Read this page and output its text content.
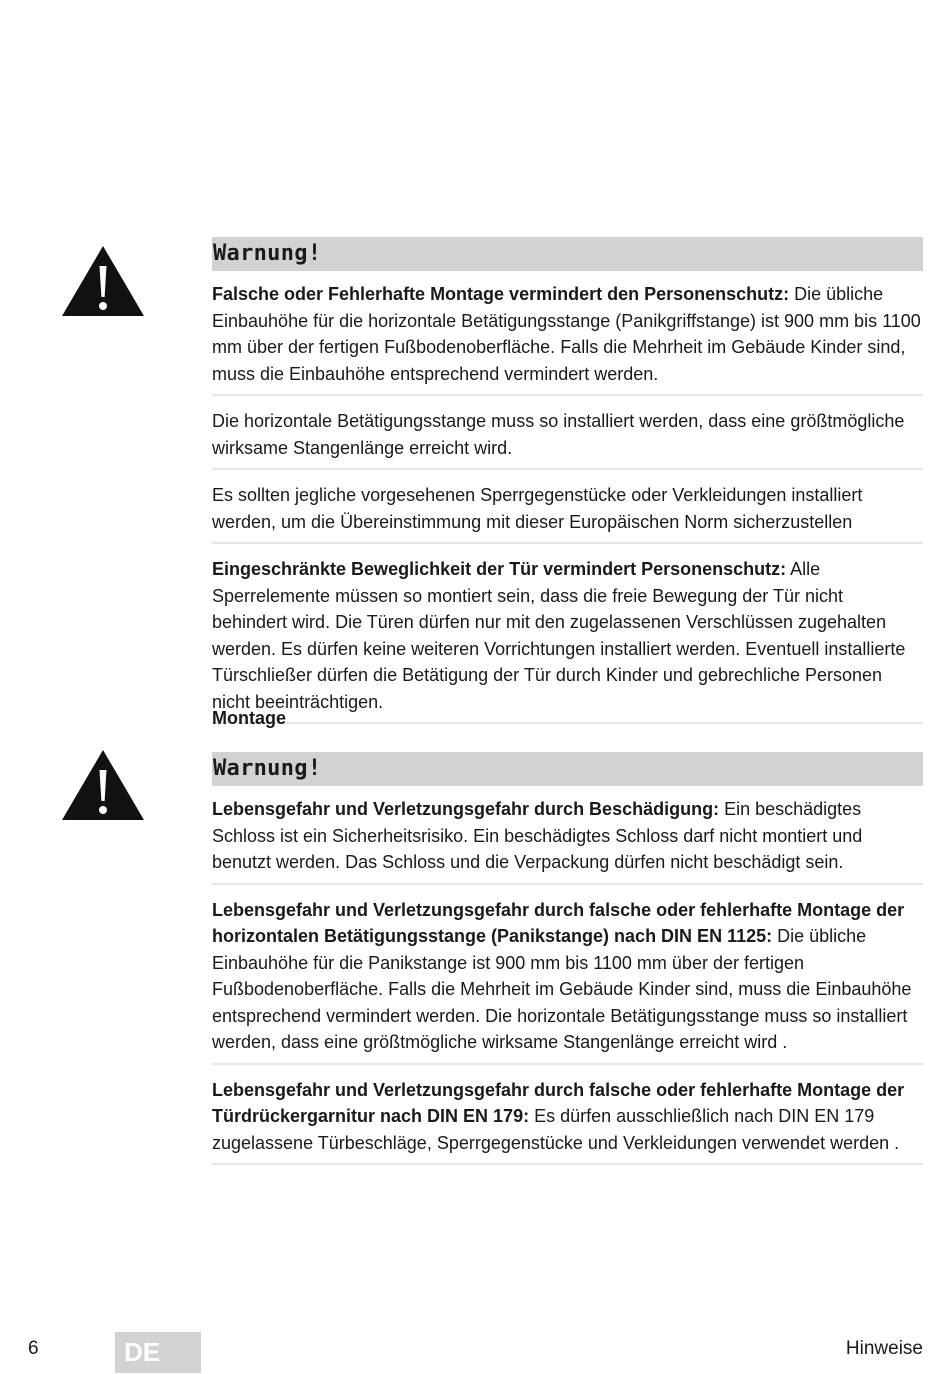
Warnung!
Falsche oder Fehlerhafte Montage vermindert den Personenschutz: Die übliche Einbauhöhe für die horizontale Betätigungsstange (Panikgriffstange) ist 900 mm bis 1100 mm über der fertigen Fußbodenoberfläche. Falls die Mehrheit im Gebäude Kinder sind, muss die Einbauhöhe entsprechend vermindert werden.
Die horizontale Betätigungsstange muss so installiert werden, dass eine größtmögliche wirksame Stangenlänge erreicht wird.
Es sollten jegliche vorgesehenen Sperrgegenstücke oder Verkleidungen installiert werden, um die Übereinstimmung mit dieser Europäischen Norm sicherzustellen
Eingeschränkte Beweglichkeit der Tür vermindert Personenschutz: Alle Sperrelemente müssen so montiert sein, dass die freie Bewegung der Tür nicht behindert wird. Die Türen dürfen nur mit den zugelassenen Verschlüssen zugehalten werden. Es dürfen keine weiteren Vorrichtungen installiert werden. Eventuell installierte Türschließer dürfen die Betätigung der Tür durch Kinder und gebrechliche Personen nicht beeinträchtigen.
Montage
Warnung!
Lebensgefahr und Verletzungsgefahr durch Beschädigung: Ein beschädigtes Schloss ist ein Sicherheitsrisiko. Ein beschädigtes Schloss darf nicht montiert und benutzt werden. Das Schloss und die Verpackung dürfen nicht beschädigt sein.
Lebensgefahr und Verletzungsgefahr durch falsche oder fehlerhafte Montage der horizontalen Betätigungsstange (Panikstange) nach DIN EN 1125: Die übliche Einbauhöhe für die Panikstange ist 900 mm bis 1100 mm über der fertigen Fußbodenoberfläche. Falls die Mehrheit im Gebäude Kinder sind, muss die Einbauhöhe entsprechend vermindert werden. Die horizontale Betätigungsstange muss so installiert werden, dass eine größtmögliche wirksame Stangenlänge erreicht wird .
Lebensgefahr und Verletzungsgefahr durch falsche oder fehlerhafte Montage der Türdrückergarnitur nach DIN EN 179: Es dürfen ausschließlich nach DIN EN 179 zugelassene Türbeschläge, Sperrgegenstücke und Verkleidungen verwendet werden .
6	DE	Hinweise
